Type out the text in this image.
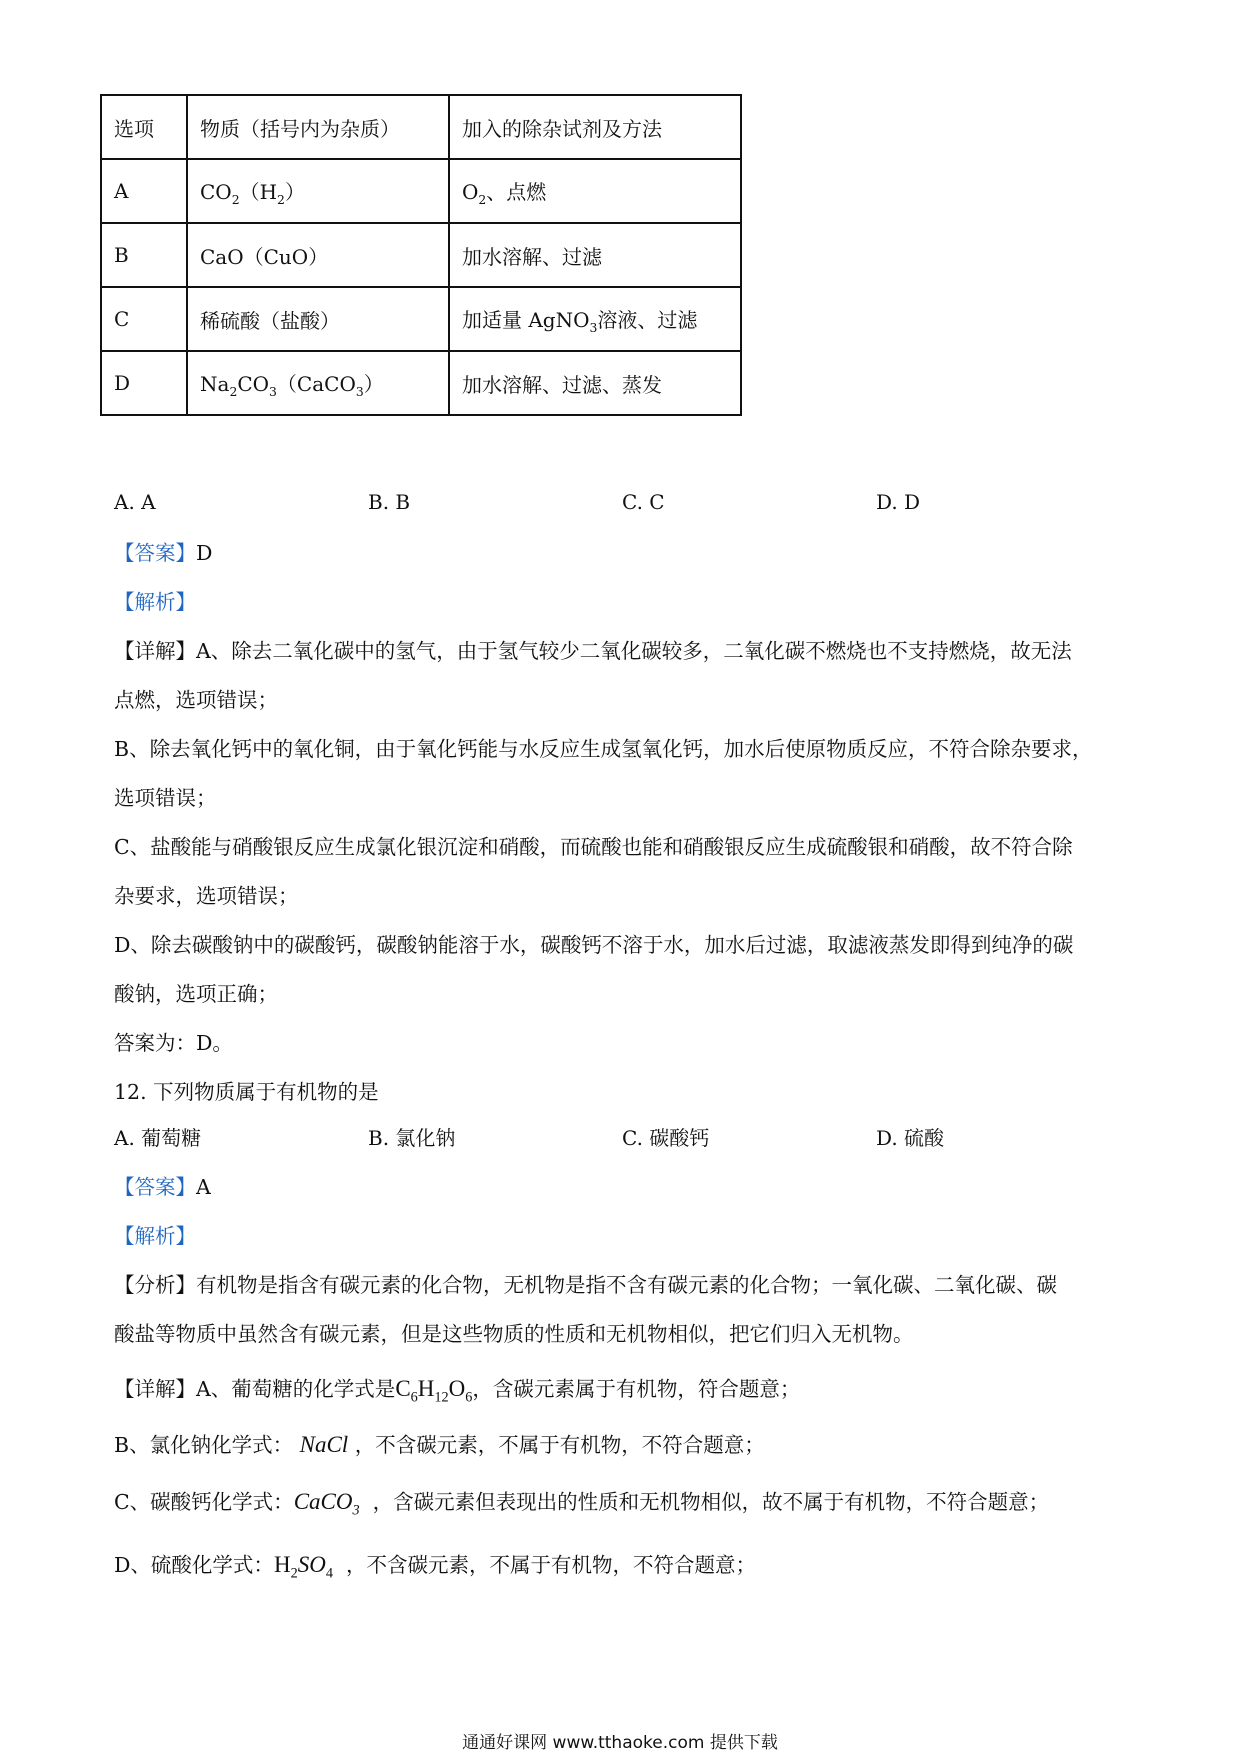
选项	物质（括号内为杂质）	加入的除杂试剂及方法
A	$CO_2(H_2)$	$O_2$、点燃
B	CaO（CuO）	加水溶解、过滤
C	稀硫酸（盐酸）	加适量 AgNO$_3$溶液、过滤
D	$Na_2CO_3(CaCO_3)$	加水溶解、过滤、蒸发
A. A	B. B	C. C	D. D
【答案】D
【解析】
【详解】A、除去二氧化碳中的氢气，由于氢气较少二氧化碳较多，二氧化碳不燃烧也不支持燃烧，故无法
点燃，选项错误；
B、除去氧化钙中的氧化铜，由于氧化钙能与水反应生成氢氧化钙，加水后使原物质反应，不符合除杂要求，
选项错误；
C、盐酸能与硝酸银反应生成氯化银沉淀和硝酸，而硫酸也能和硝酸银反应生成硫酸银和硝酸，故不符合除
杂要求，选项错误；
D、除去碳酸钠中的碳酸钙，碳酸钠能溶于水，碳酸钙不溶于水，加水后过滤，取滤液蒸发即得到纯净的碳
酸钠，选项正确；
答案为：D。
12. 下列物质属于有机物的是
A. 葡萄糖	B. 氯化钠	C. 碳酸钙	D. 硫酸
【答案】A
【解析】
【分析】有机物是指含有碳元素的化合物，无机物是指不含有碳元素的化合物；一氧化碳、二氧化碳、碳
酸盐等物质中虽然含有碳元素，但是这些物质的性质和无机物相似，把它们归入无机物。
【详解】A、葡萄糖的化学式是$C_6H_{12}O_6$，含碳元素属于有机物，符合题意；
B、氯化钠化学式： NaCl ，不含碳元素，不属于有机物，不符合题意；
C、碳酸钙化学式：CaCO$_3$ ，含碳元素但表现出的性质和无机物相似，故不属于有机物，不符合题意；
D、硫酸化学式：$H_2SO_4$ ，不含碳元素，不属于有机物，不符合题意；
通通好课网 www.tthaoke.com 提供下载
